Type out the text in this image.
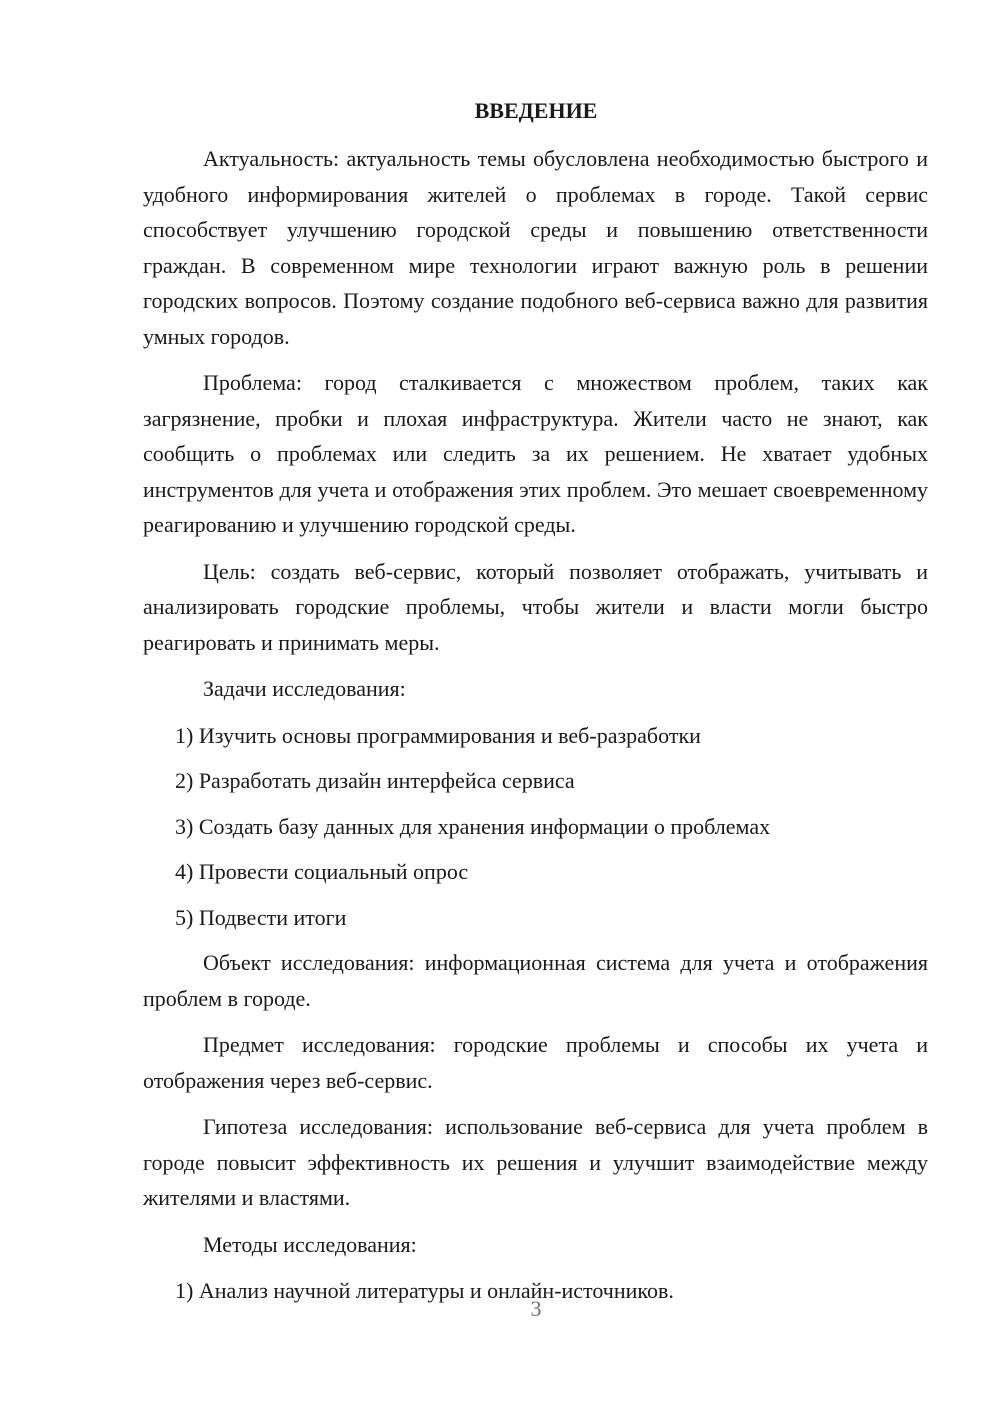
ВВЕДЕНИЕ

Актуальность: актуальность темы обусловлена необходимостью быстрого и удобного информирования жителей о проблемах в городе. Такой сервис способствует улучшению городской среды и повышению ответственности граждан. В современном мире технологии играют важную роль в решении городских вопросов. Поэтому создание подобного веб-сервиса важно для развития умных городов.

Проблема: город сталкивается с множеством проблем, таких как загрязнение, пробки и плохая инфраструктура. Жители часто не знают, как сообщить о проблемах или следить за их решением. Не хватает удобных инструментов для учета и отображения этих проблем. Это мешает своевременному реагированию и улучшению городской среды.

Цель: создать веб-сервис, который позволяет отображать, учитывать и анализировать городские проблемы, чтобы жители и власти могли быстро реагировать и принимать меры.

Задачи исследования:

1) Изучить основы программирования и веб-разработки

2) Разработать дизайн интерфейса сервиса

3) Создать базу данных для хранения информации о проблемах

4) Провести социальный опрос

5) Подвести итоги

Объект исследования: информационная система для учета и отображения проблем в городе.

Предмет исследования: городские проблемы и способы их учета и отображения через веб-сервис.

Гипотеза исследования: использование веб-сервиса для учета проблем в городе повысит эффективность их решения и улучшит взаимодействие между жителями и властями.

Методы исследования:

1) Анализ научной литературы и онлайн-источников.

3
